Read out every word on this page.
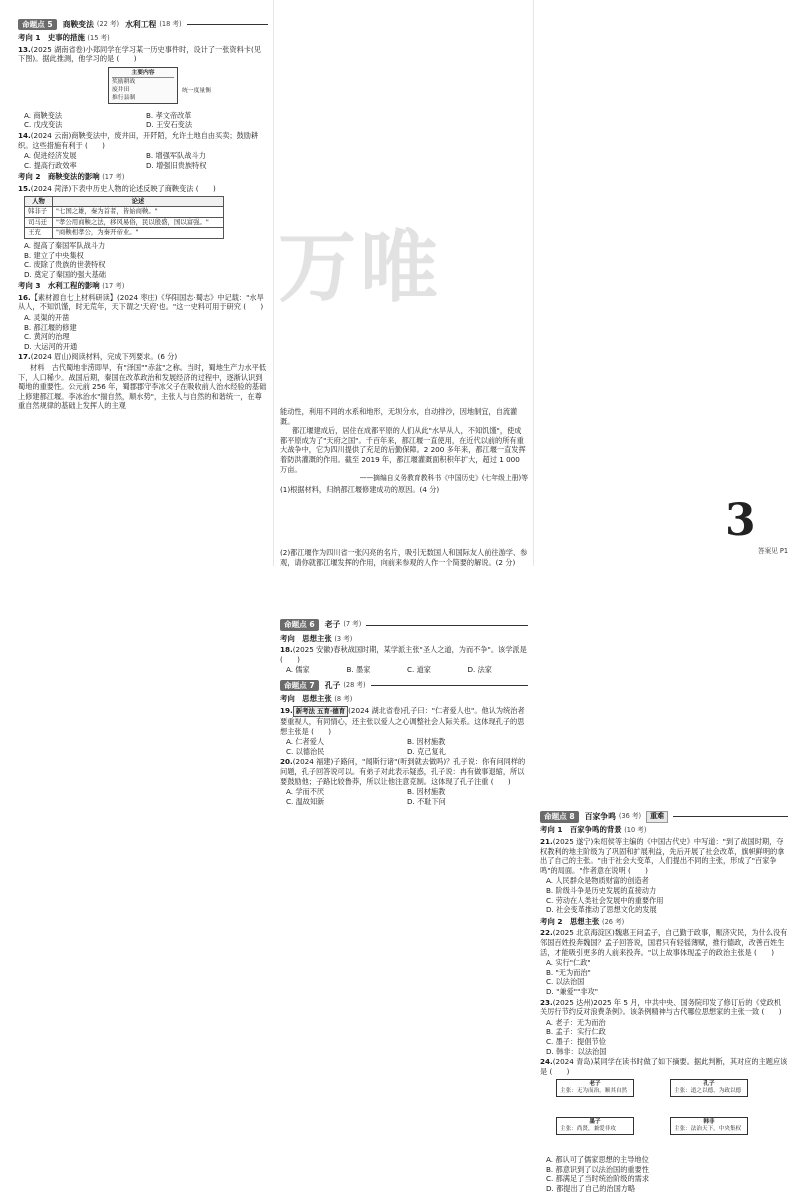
万唯
命题点 5	商鞅变法 (22 考) 水利工程 (18 考)
考向 1　史事的措施 (15 考)

13.(2025 湖南省卷)小郑同学在学习某一历史事件时，设计了一张资料卡(见下图)。据此推测，他学习的是 (　　)

主要内容
奖励耕战
废井田
推行县制
统一度量衡
A. 商鞅变法	B. 孝文帝改革
C. 戊戌变法	D. 王安石变法

14.(2024 云南)商鞅变法中，废井田，开阡陌，允许土地自由买卖；鼓励耕织。这些措施有利于 (　　)

A. 促进经济发展	B. 增强军队战斗力
C. 提高行政效率	D. 增强旧贵族特权
考向 2　商鞅变法的影响 (17 考)

15.(2024 菏泽)下表中历史人物的论述反映了商鞅变法 (　　)

人物	论述
韩非子	"七国之雄，秦为首者，皆始商鞅。"
司马迁	"孝公用商鞅之法，移风易俗，民以殷盛，国以富强。"
王充	"商鞅相孝公，为秦开帝业。"
A. 提高了秦国军队战斗力
B. 建立了中央集权
C. 废除了贵族的世袭特权
D. 奠定了秦国的强大基础
考向 3　水利工程的影响 (17 考)

16.【素材源自七上材料研读】(2024 枣庄)《华阳国志·蜀志》中记载："水旱从人，不知饥馑，时无荒年，天下谓之'天府'也。"这一史料可用于研究 (　　)

A. 灵渠的开凿
B. 都江堰的修建
C. 黄河的治理
D. 大运河的开通

17.(2024 眉山)阅读材料，完成下列要求。(6 分)

材料　古代蜀地非涝即旱，有"泽国""赤盆"之称。当时，蜀地生产力水平低下，人口稀少。战国后期，秦国在改革政治和发展经济的过程中，逐渐认识到蜀地的重要性。公元前 256 年，蜀郡郡守李冰父子在吸收前人治水经验的基础上修建都江堰。李冰治水"揣自然，顺水势"，主张人与自然的和谐统一，在尊重自然规律的基础上发挥人的主观

能动性，利用不同的水系和地形，无坝分水，自动排沙，因地制宜，自流灌溉。

都江堰建成后，居住在成都平原的人们从此"水旱从人，不知饥馑"，使成都平原成为了"天府之国"。千百年来，都江堰一直使用，在近代以前的所有重大战争中，它为四川提供了充足的后勤保障。2 200 多年来，都江堰一直发挥着防洪灌溉的作用。截至 2019 年，都江堰灌溉面积积年扩大，超过 1 000 万亩。

——摘编自义务教育教科书《中国历史》(七年级上册)等

(1)根据材料，归纳都江堰修建成功的原因。(4 分)

(2)都江堰作为四川省一张闪亮的名片，吸引无数国人和国际友人前往游学、参观，请你就都江堰发挥的作用，向前来参观的人作一个简要的解说。(2 分)

命题点 6	老子 (7 考)
考向　思想主张 (3 考)

18.(2025 安徽)春秋战国时期，某学派主张"圣人之道，为而不争"。该学派是 (　　)

A. 儒家	B. 墨家	C. 道家	D. 法家
命题点 7	孔子 (28 考)
考向　思想主张 (8 考)

19. 新考法 五育·德育 (2024 湖北省卷)孔子曰："仁者爱人也"。他认为统治者要重视人，有同情心，还主张以爱人之心调整社会人际关系。这体现孔子的思想主张是 (　　)

A. 仁者爱人	B. 因材施教
C. 以德治民	D. 克己复礼

20.(2024 福建)子路问，"闻斯行诸"(听到就去做吗)？孔子说：你有问同样的问题，孔子回答说可以。有弟子对此表示疑惑，孔子说：冉有做事退缩，所以要鼓励他；子路比较鲁莽，所以让他注意克制。这体现了孔子注重 (　　)

A. 学而不厌	B. 因材施教
C. 温故知新	D. 不耻下问
命题点 8	百家争鸣 (36 考)	重难
考向 1　百家争鸣的背景 (10 考)

21.(2025 遂宁)朱绍侯等主编的《中国古代史》中写道："到了战国时期，夺权教利的地主阶级为了巩固和扩展利益，先后开展了社会改革，旗帜鲜明的拿出了自己的主张。"由于社会大变革，人们提出不同的主张，形成了"百家争鸣"的局面。"作者意在说明 (　　)

A. 人民群众是物质财富的创造者
B. 阶级斗争是历史发展的直接动力
C. 劳动在人类社会发展中的重要作用
D. 社会变革推动了思想文化的发展
考向 2　思想主张 (26 考)

22.(2025 北京海淀区)魏惠王问孟子，自己勤于政事，赈济灾民，为什么没有邻国百姓投奔魏国？孟子回答说，国君只有轻徭薄赋，推行德政，改善百姓生活，才能吸引更多的人前来投奔。"以上故事体现孟子的政治主张是 (　　)

A. 实行"仁政"
B. "无为而治"
C. 以法治国
D. "兼爱""非攻"

23.(2025 达州)2025 年 5 月，中共中央、国务院印发了修订后的《党政机关厉行节约反对浪费条例》。该条例精神与古代哪位思想家的主张一致 (　　)

A. 老子：无为而治
B. 孟子：实行仁政
C. 墨子：提倡节俭
D. 韩非：以法治国

24.(2024 青岛)某同学在读书时做了如下摘要。据此判断，其对应的主题应该是 (　　)

老子
主张：无为而治，顺其自然
孔子
主张：道之以德，为政以德
墨子
主张：尚贤，兼爱非攻
韩非
主张：法治天下，中央集权
A. 都认可了儒家思想的主导地位
B. 都意识到了以法治国的重要性
C. 都满足了当时统治阶级的需求
D. 都提出了自己的治国方略
3
答案见 P1
